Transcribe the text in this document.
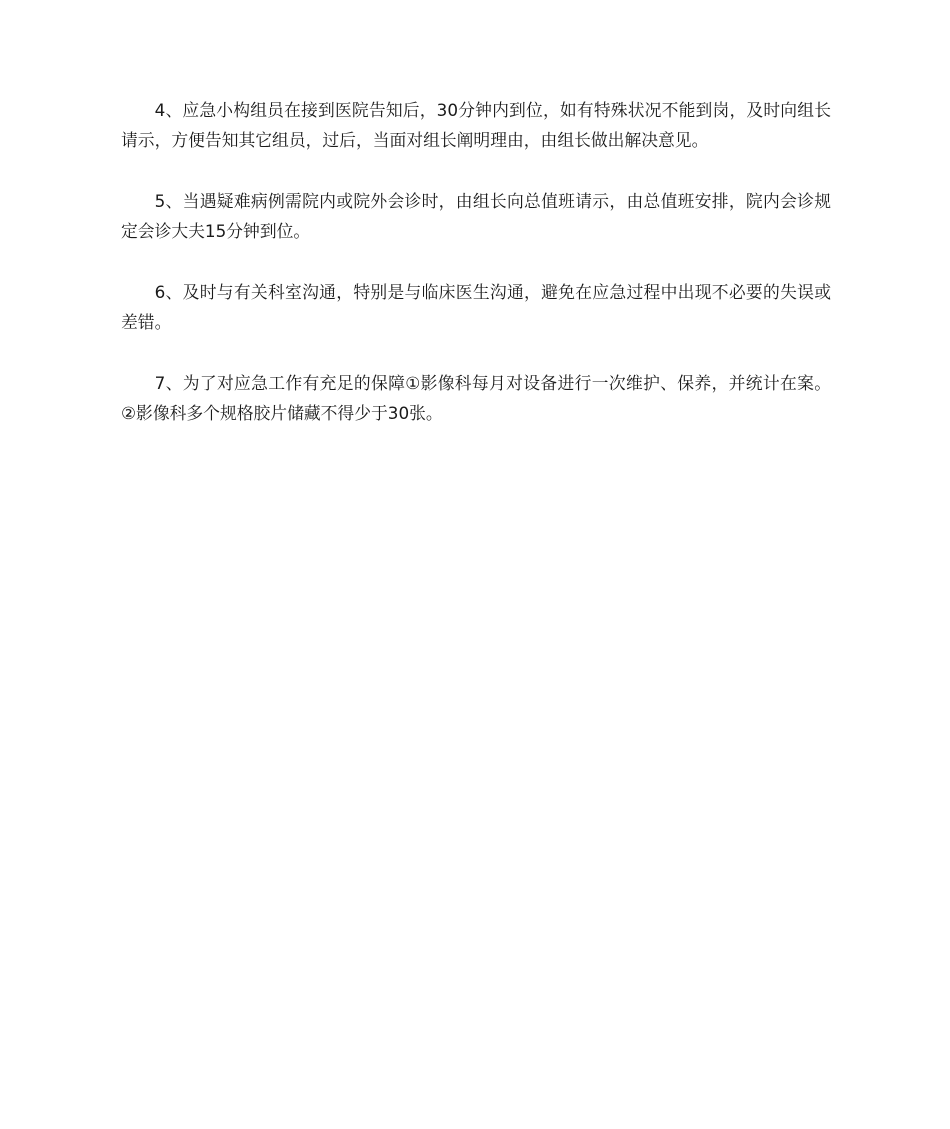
4、应急小构组员在接到医院告知后，30分钟内到位，如有特殊状况不能到岗，及时向组长请示，方便告知其它组员，过后，当面对组长阐明理由，由组长做出解决意见。

5、当遇疑难病例需院内或院外会诊时，由组长向总值班请示，由总值班安排，院内会诊规定会诊大夫15分钟到位。

6、及时与有关科室沟通，特别是与临床医生沟通，避免在应急过程中出现不必要的失误或差错。

7、为了对应急工作有充足的保障①影像科每月对设备进行一次维护、保养，并统计在案。②影像科多个规格胶片储藏不得少于30张。
